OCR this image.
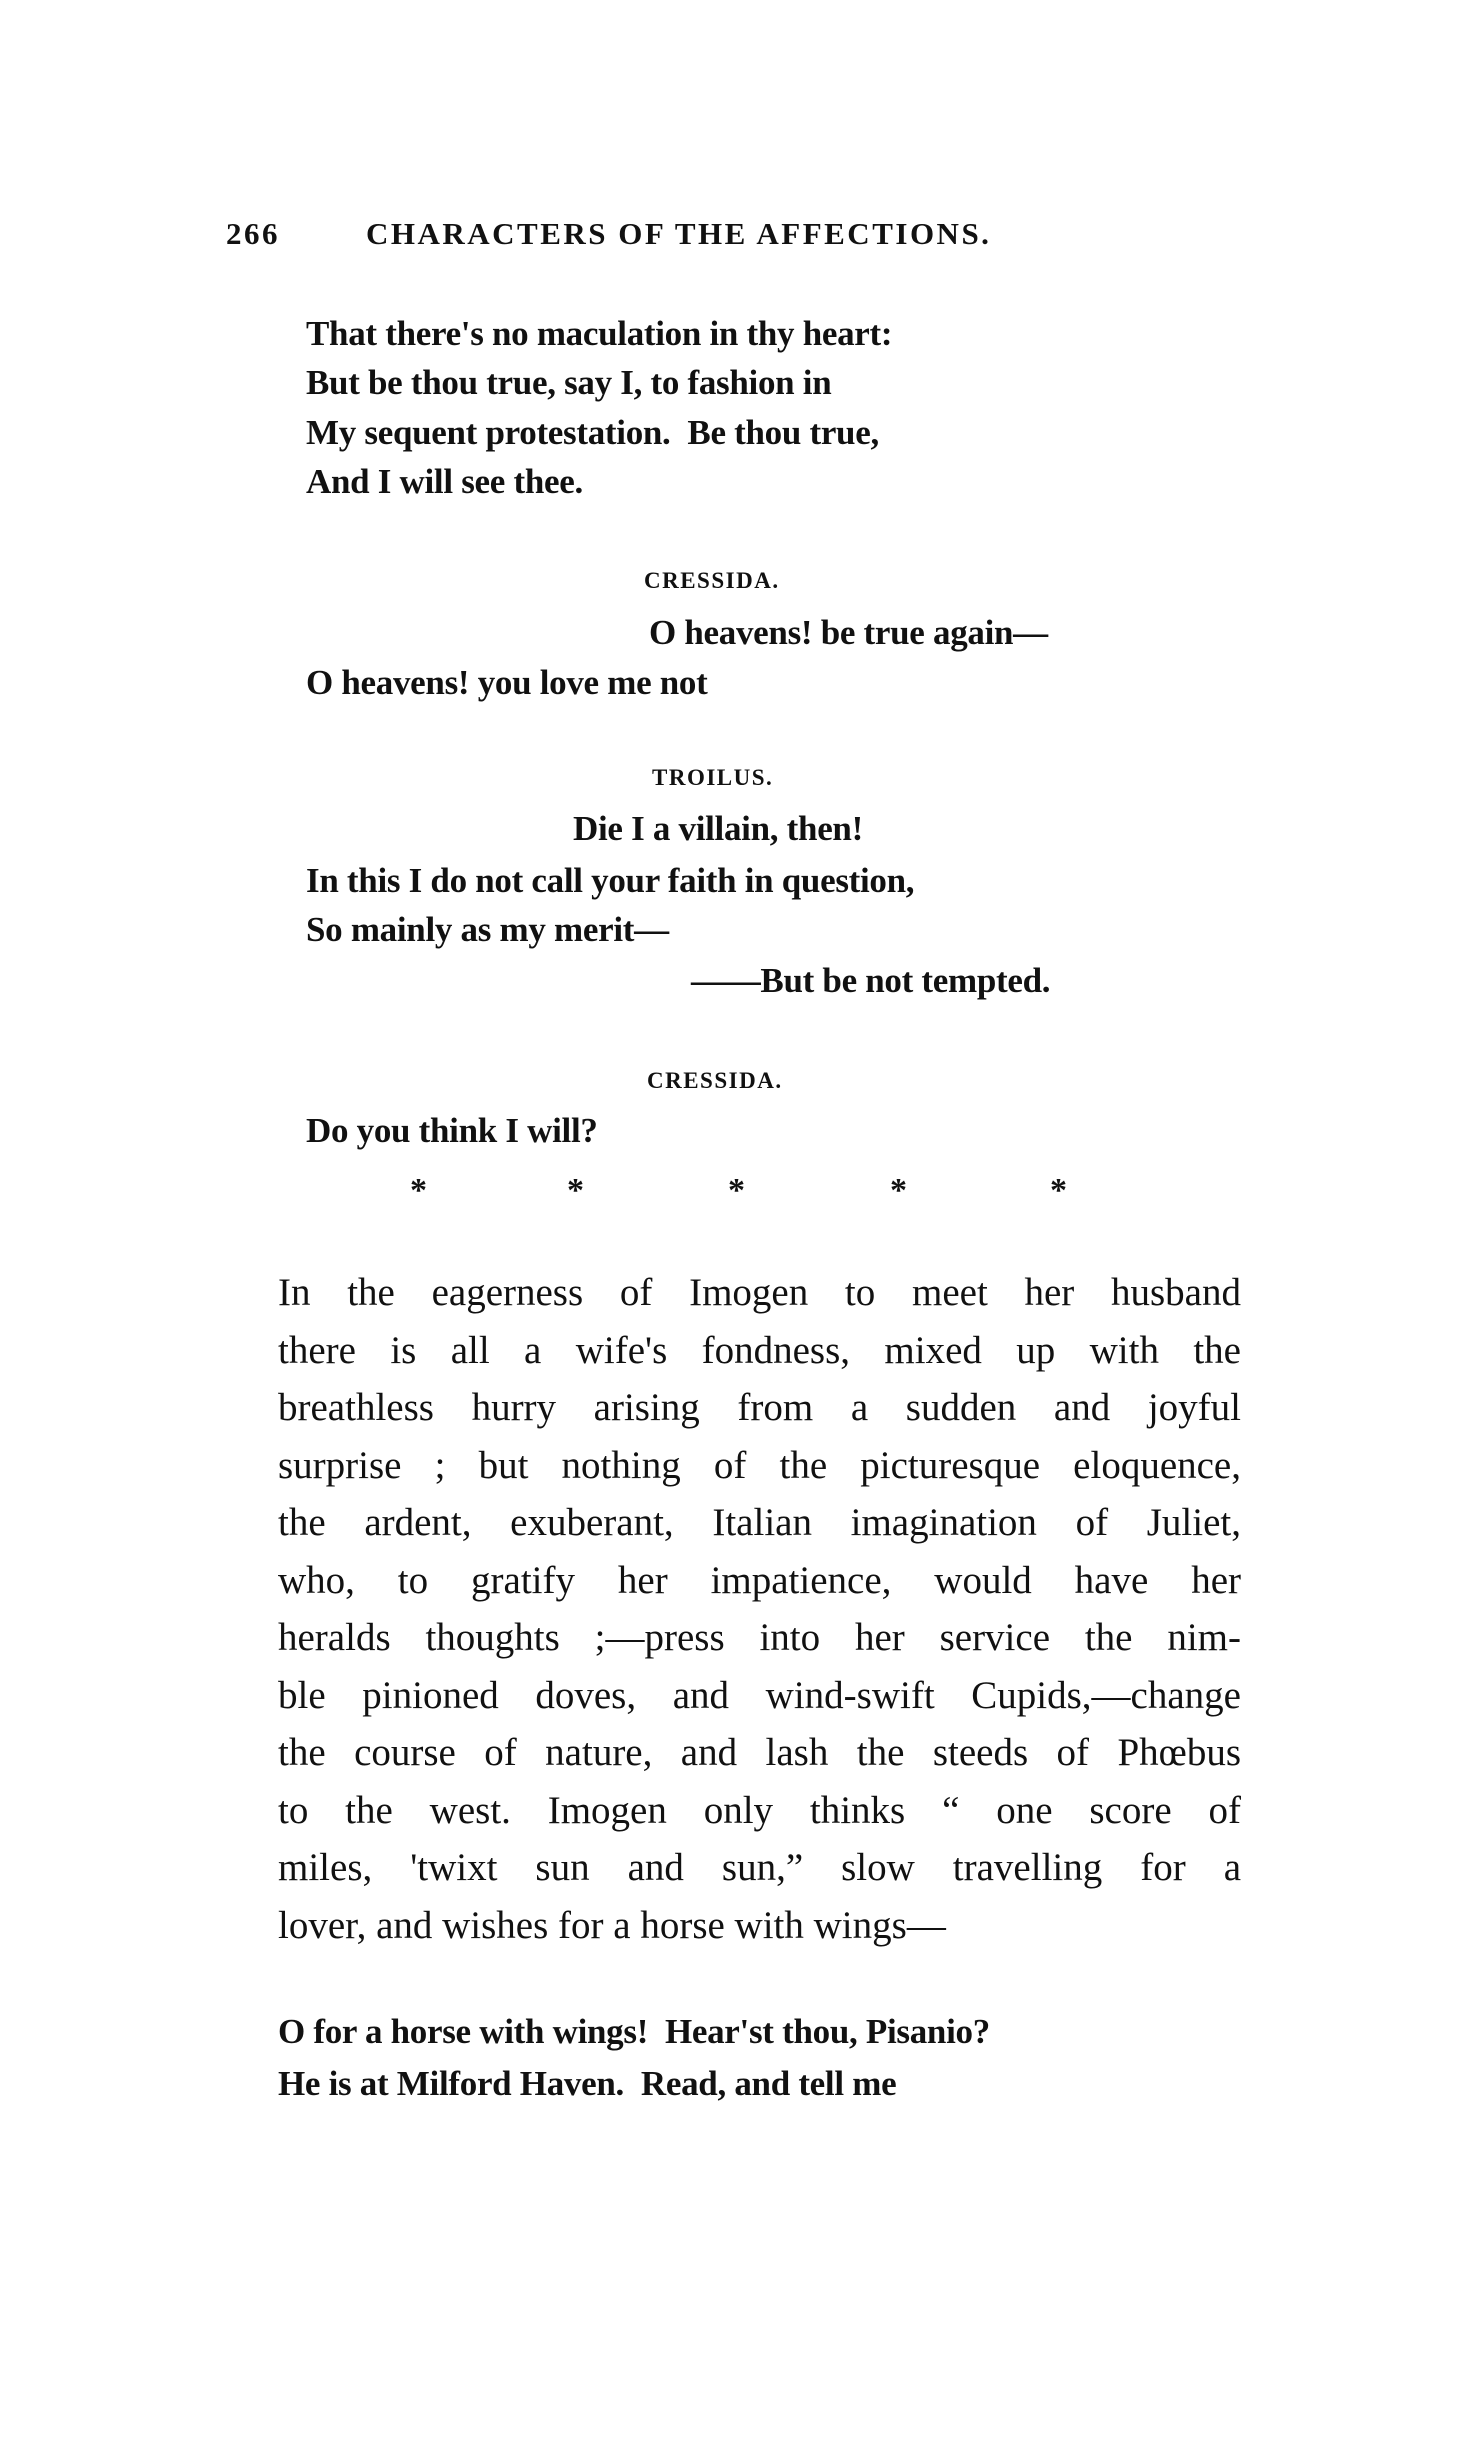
266	CHARACTERS OF THE AFFECTIONS.
That there's no maculation in thy heart:
But be thou true, say I, to fashion in
My sequent protestation.  Be thou true,
And I will see thee.
CRESSIDA.
O heavens! be true again—
O heavens! you love me not
TROILUS.
Die I a villain, then!
In this I do not call your faith in question,
So mainly as my merit—
——But be not tempted.
CRESSIDA.
Do you think I will?
*	*	*	*	*
In the eagerness of Imogen to meet her husband
there is all a wife's fondness, mixed up with the
breathless hurry arising from a sudden and joyful
surprise ; but nothing of the picturesque eloquence,
the ardent, exuberant, Italian imagination of Juliet,
who, to gratify her impatience, would have her
heralds thoughts ;—press into her service the nim-
ble pinioned doves, and wind-swift Cupids,—change
the course of nature, and lash the steeds of Phœbus
to the west. Imogen only thinks “ one score of
miles, 'twixt sun and sun,” slow travelling for a
lover, and wishes for a horse with wings—
O for a horse with wings!  Hear'st thou, Pisanio?
He is at Milford Haven.  Read, and tell me
